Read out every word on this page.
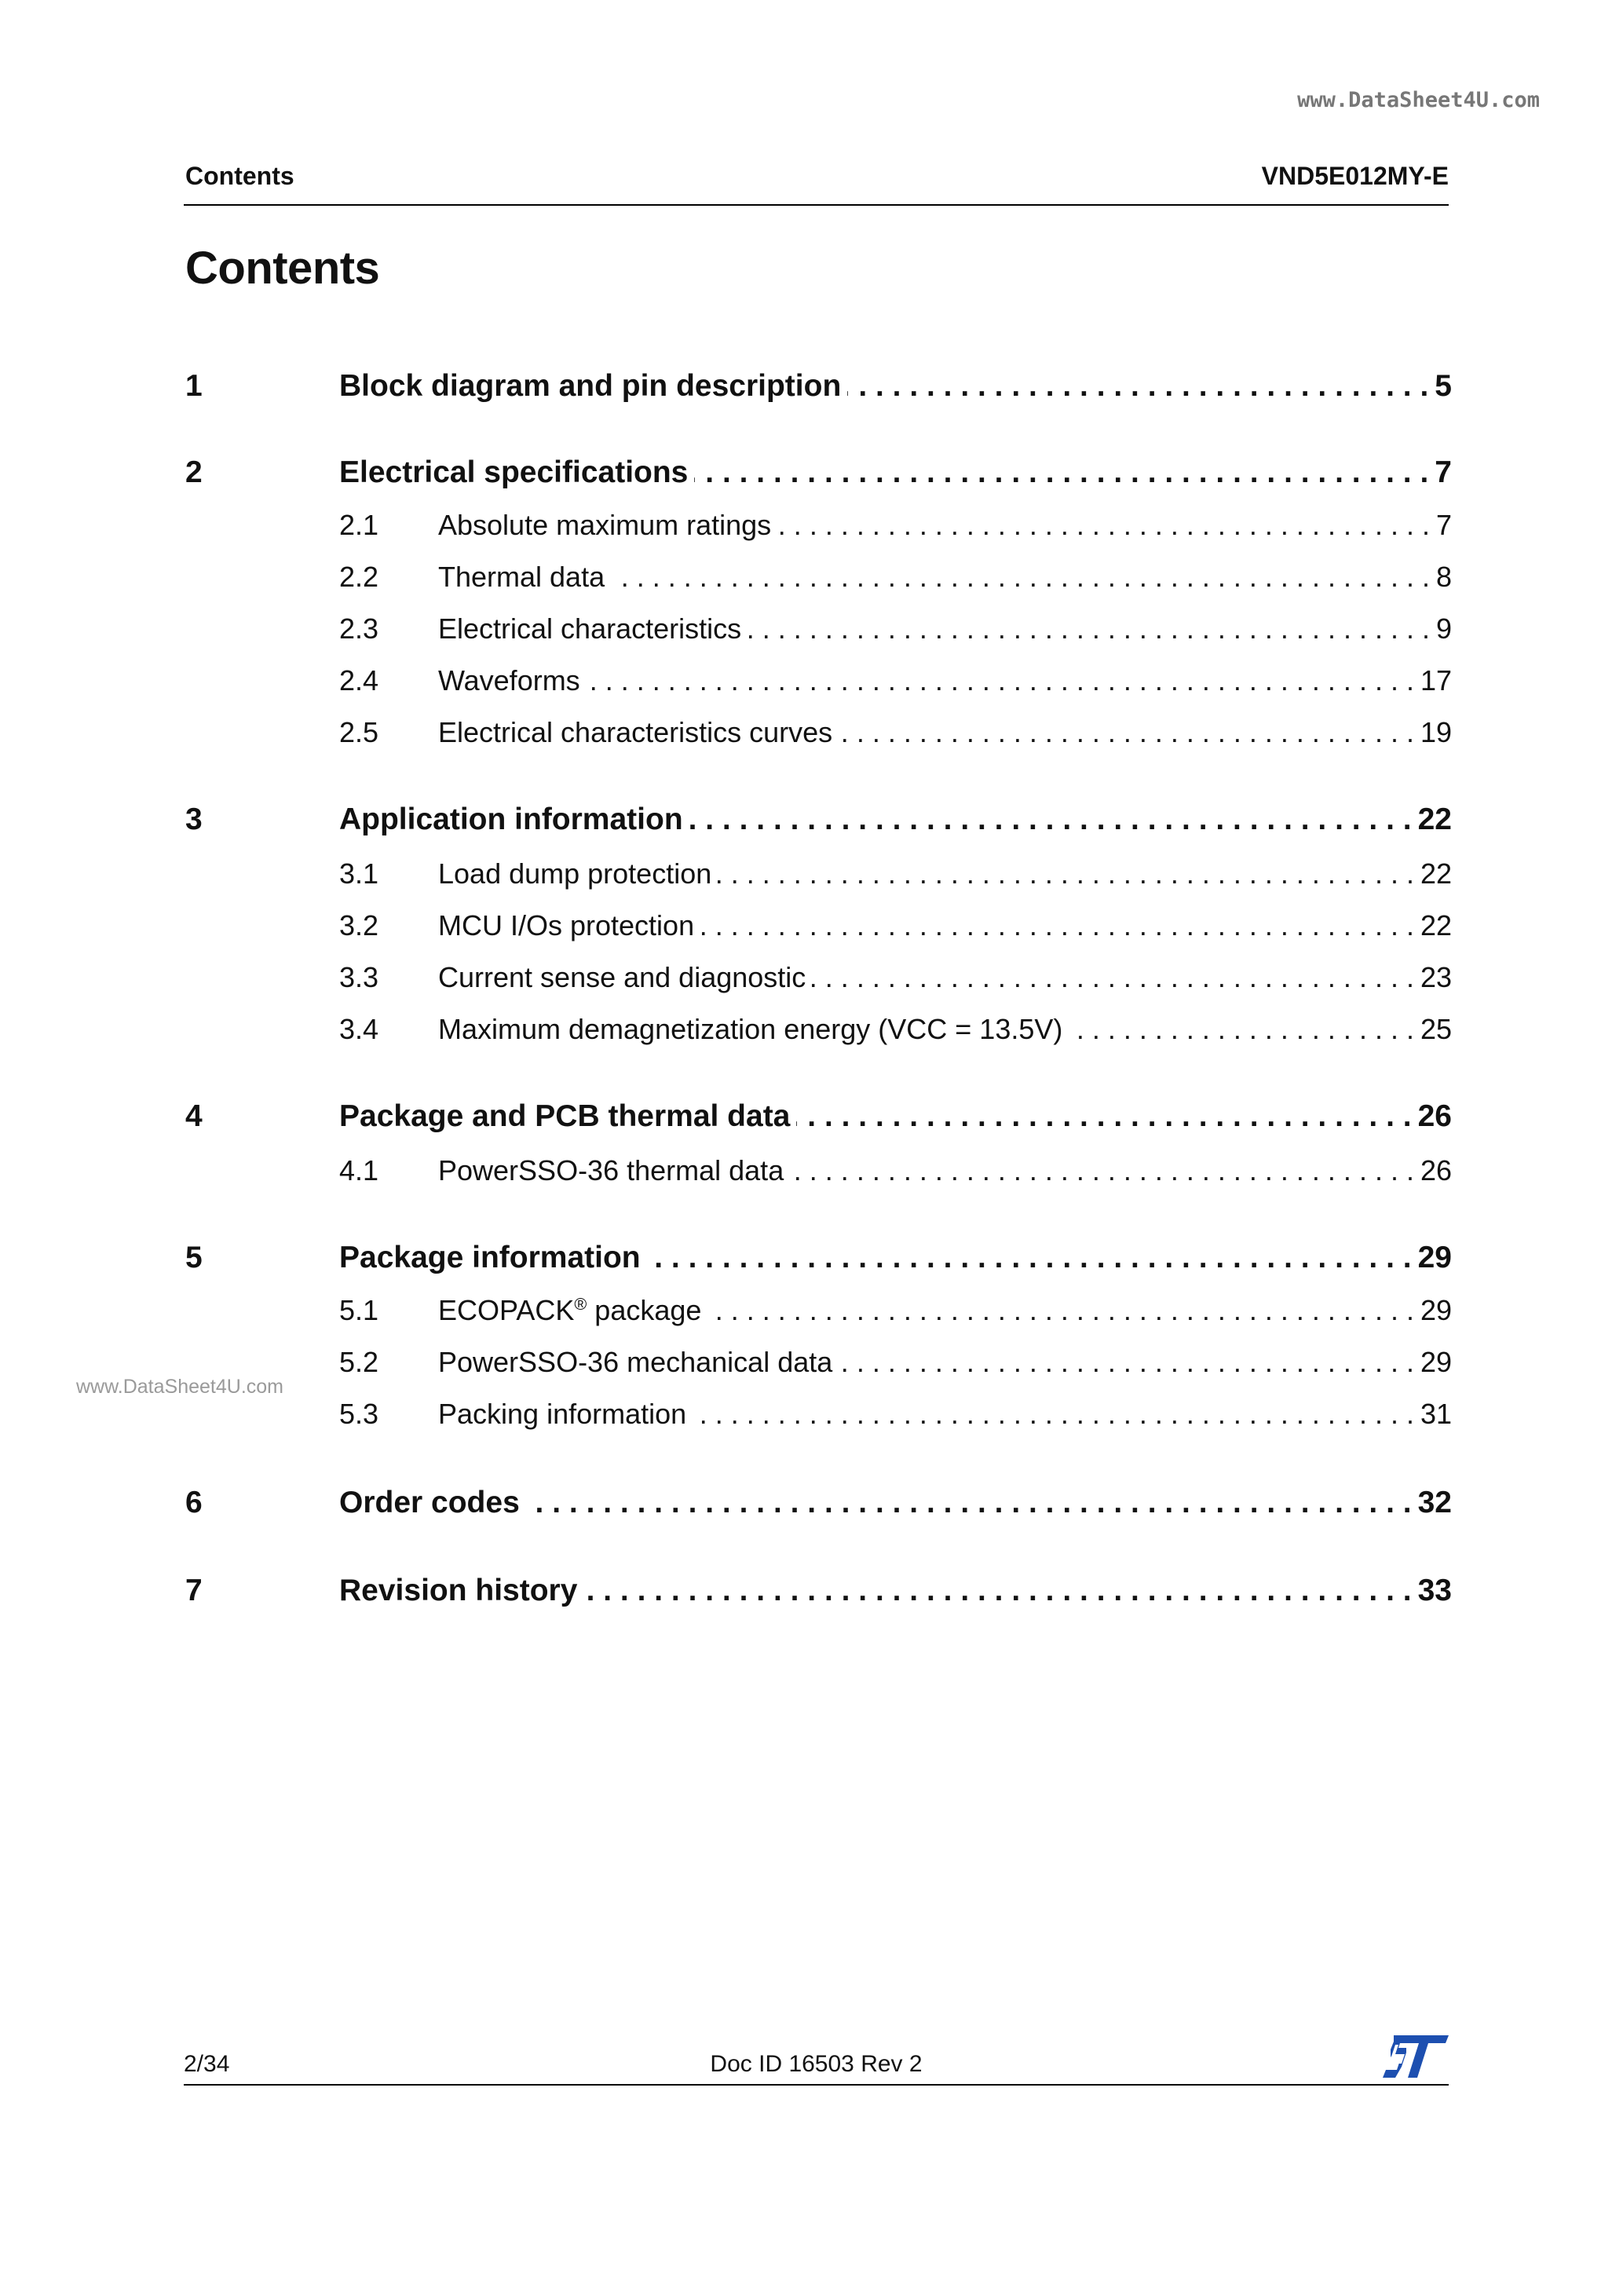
www.DataSheet4U.com
www.DataSheet4U.com
Contents	VND5E012MY-E
Contents
1	Block diagram and pin description . . .	5
2	Electrical specifications . . .	7
2.1 Absolute maximum ratings . . .	7
2.2 Thermal data . . .	8
2.3 Electrical characteristics . . .	9
2.4 Waveforms . . .	17
2.5 Electrical characteristics curves . . .	19
3	Application information . . .	22
3.1 Load dump protection . . .	22
3.2 MCU I/Os protection . . .	22
3.3 Current sense and diagnostic . . .	23
3.4 Maximum demagnetization energy (VCC = 13.5V) . . .	25
4	Package and PCB thermal data . . .	26
4.1 PowerSSO-36 thermal data . . .	26
5	Package information . . .	29
5.1 ECOPACK® package . . .	29
5.2 PowerSSO-36 mechanical data . . .	29
5.3 Packing information . . .	31
6	Order codes . . .	32
7	Revision history . . .	33
2/34	Doc ID 16503 Rev 2
